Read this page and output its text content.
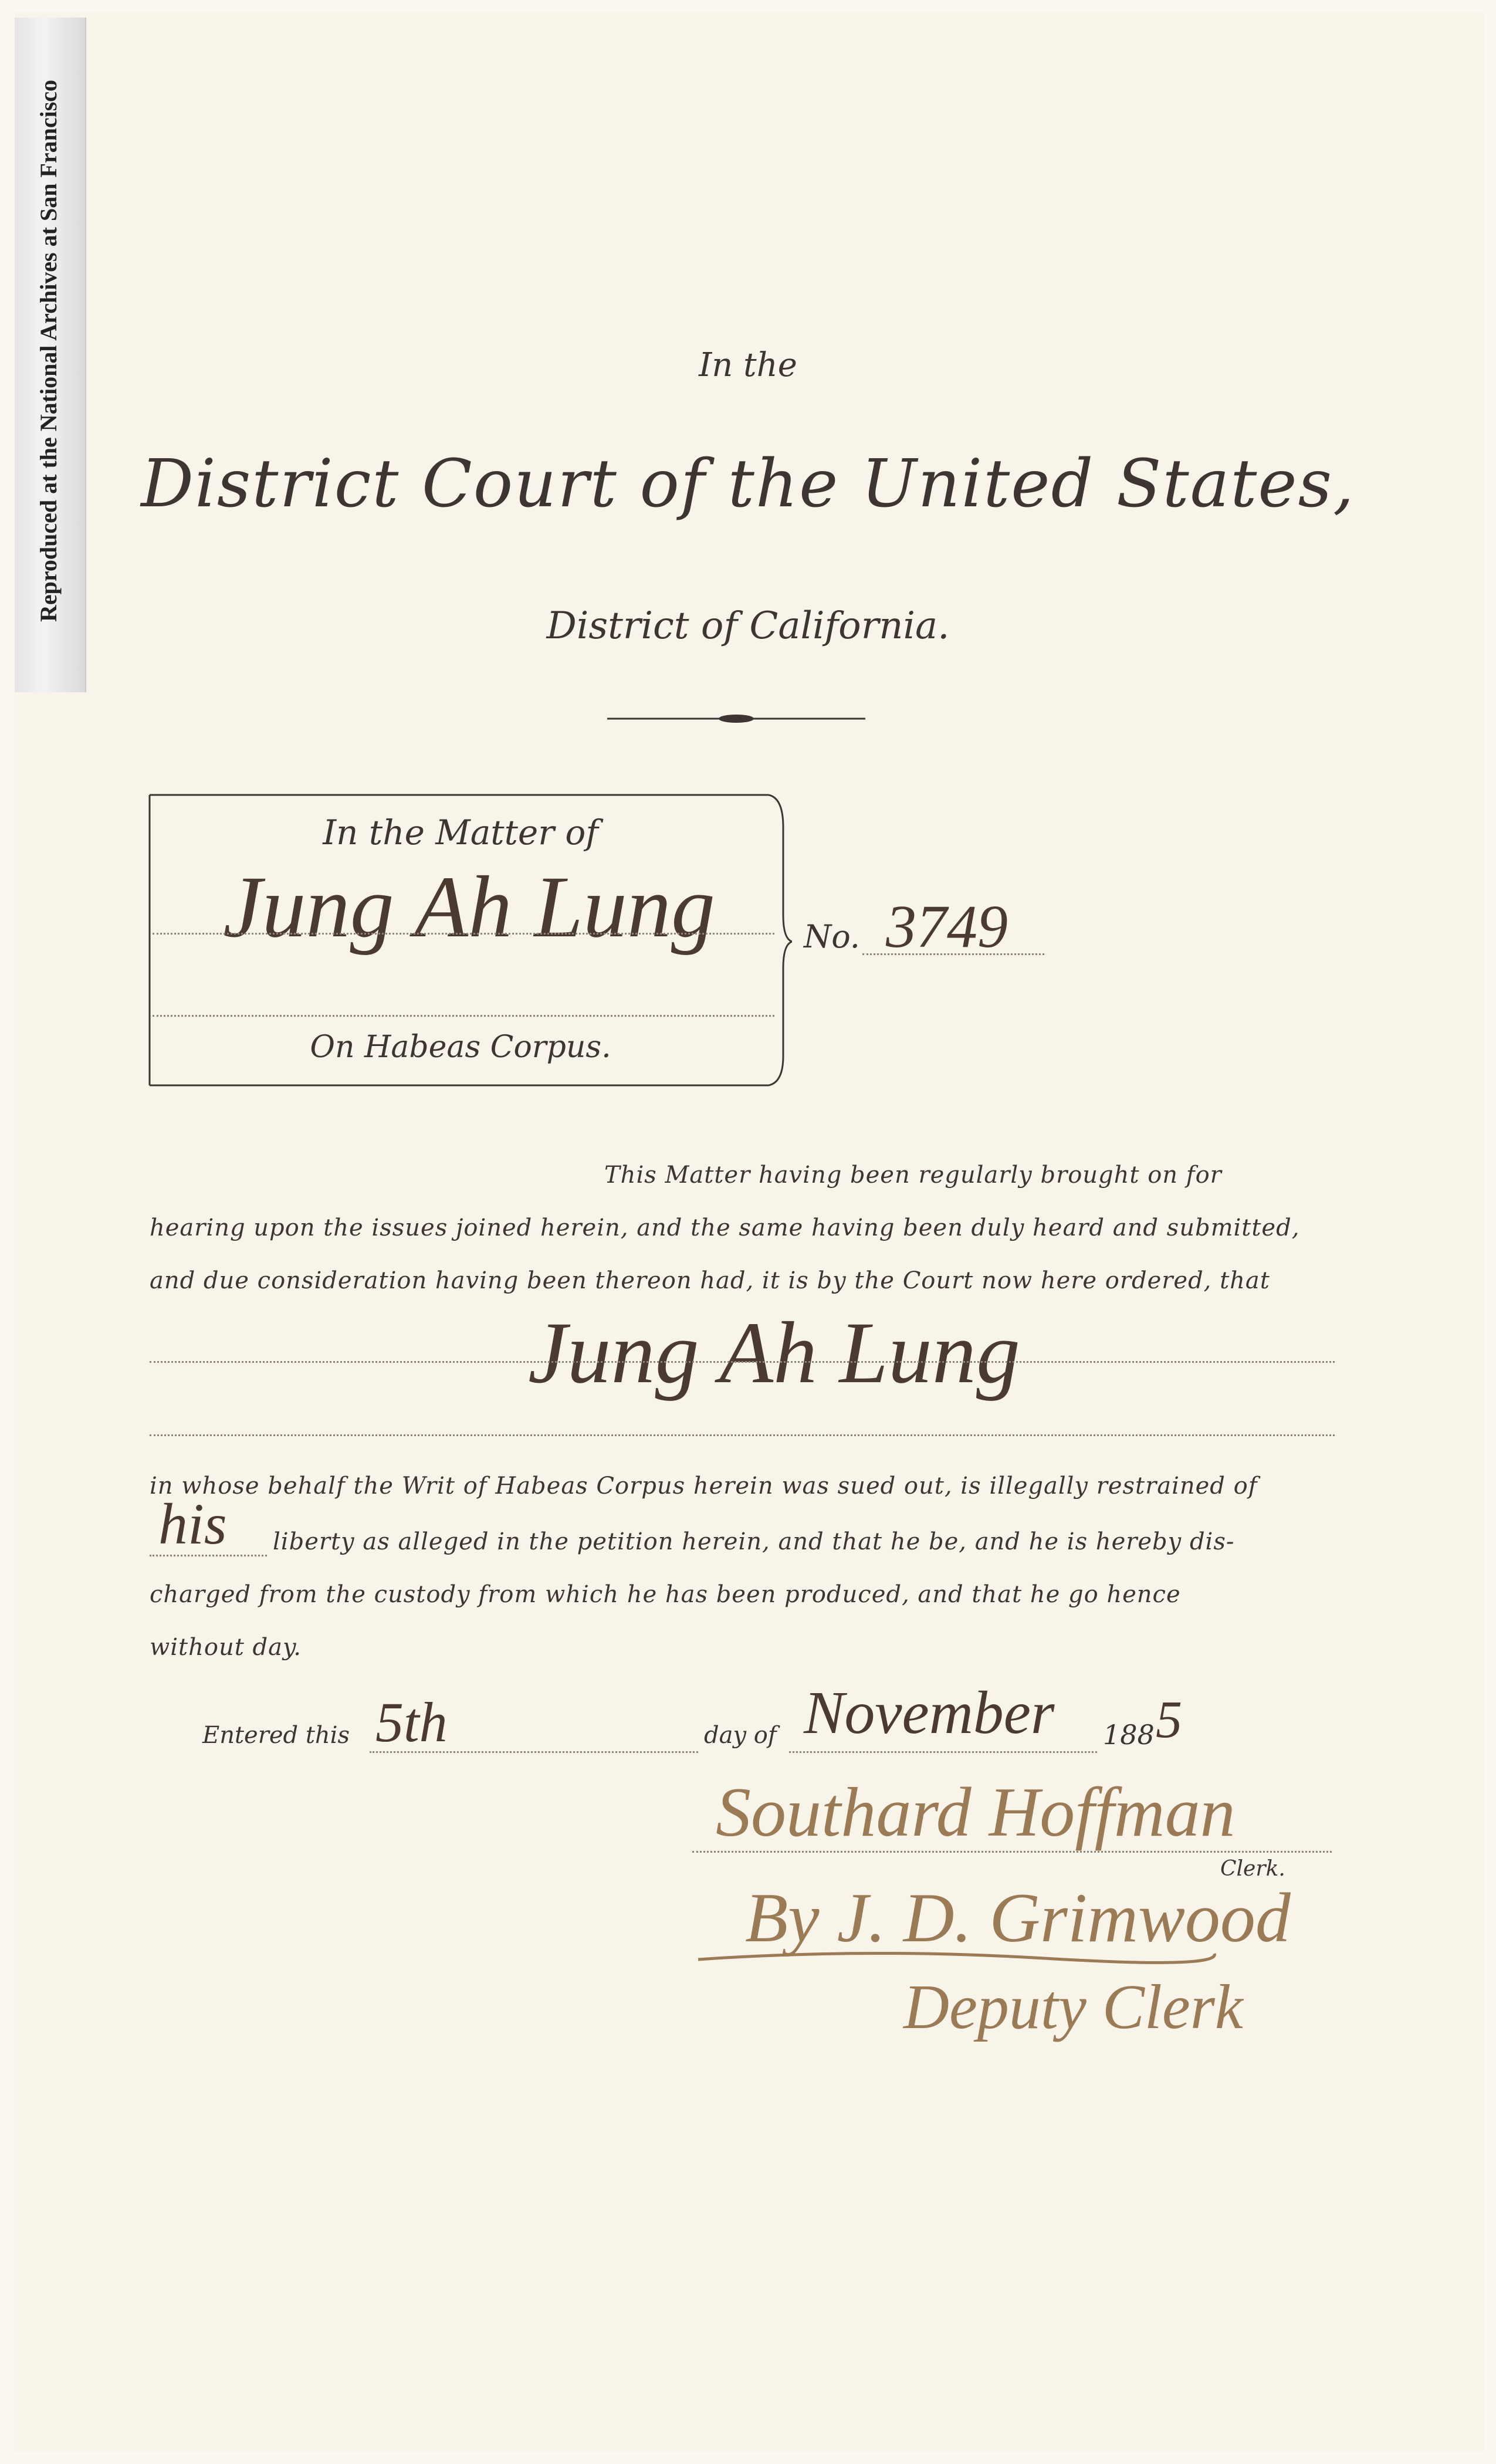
Reproduced at the National Archives at San Francisco	In the
District Court of the United States,
District of California.
In the Matter of
Jung Ah Lung
On Habeas Corpus.
No. 3749
This Matter having been regularly brought on for
hearing upon the issues joined herein, and the same having been duly heard and submitted,
and due consideration having been thereon had, it is by the Court now here ordered, that
Jung Ah Lung
in whose behalf the Writ of Habeas Corpus herein was sued out, is illegally restrained of
his liberty as alleged in the petition herein, and that he be, and he is hereby dis-
charged from the custody from which he has been produced, and that he go hence
without day.
Entered this 5th	day of November 188 5
Southard Hoffman
Clerk.
By J. D. Grimwood
Deputy Clerk
